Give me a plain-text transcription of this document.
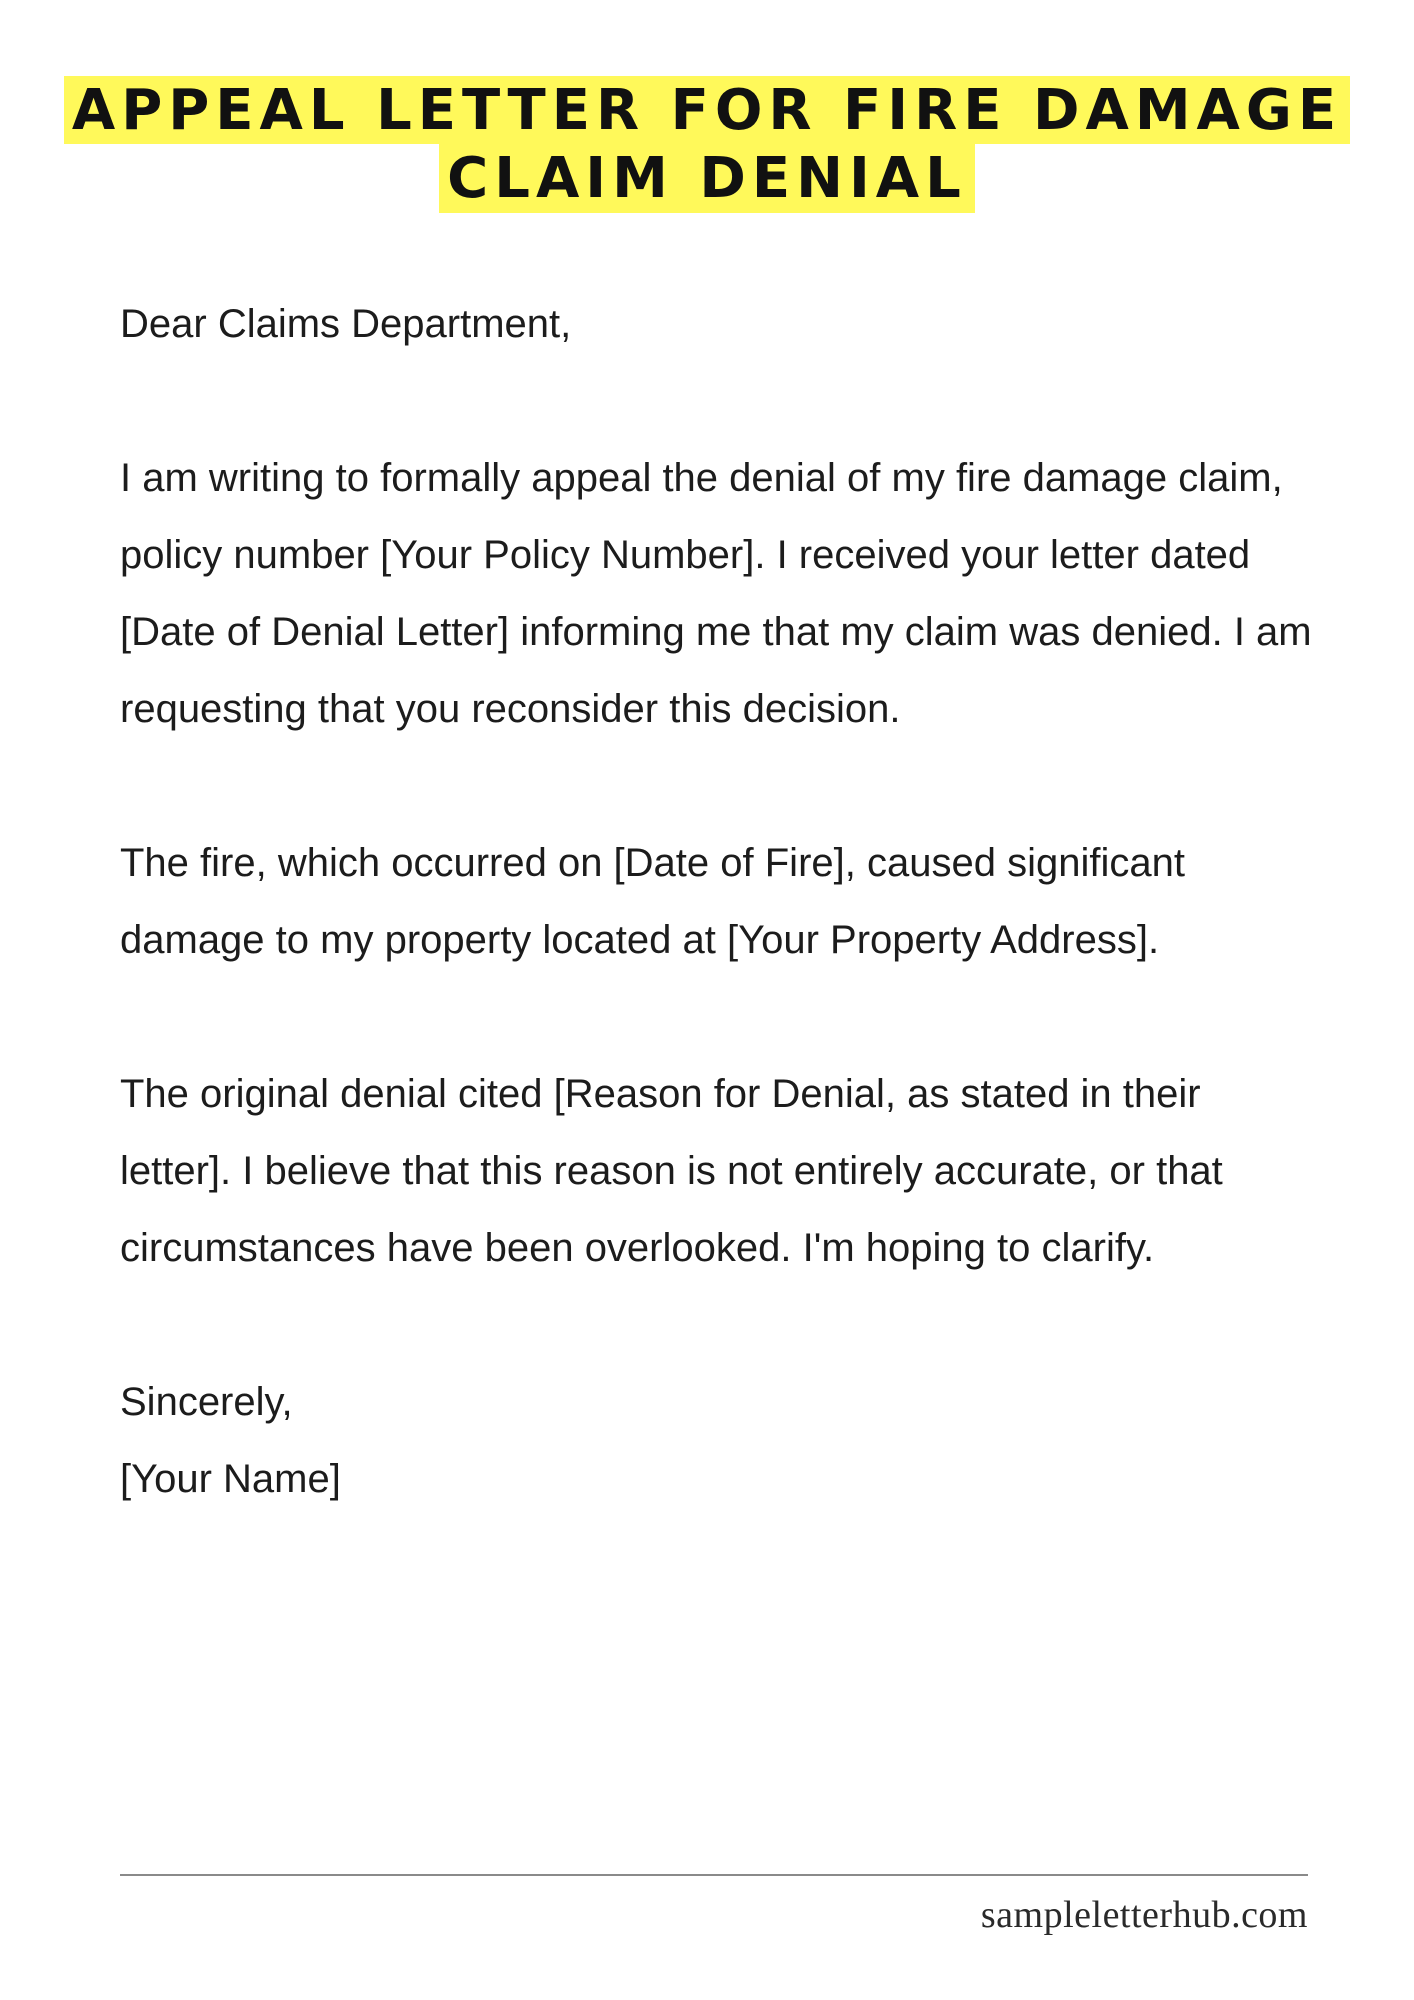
APPEAL LETTER FOR FIRE DAMAGE
CLAIM DENIAL

Dear Claims Department,

I am writing to formally appeal the denial of my fire damage claim, policy number [Your Policy Number]. I received your letter dated [Date of Denial Letter] informing me that my claim was denied. I am requesting that you reconsider this decision.

The fire, which occurred on [Date of Fire], caused significant damage to my property located at [Your Property Address].

The original denial cited [Reason for Denial, as stated in their letter]. I believe that this reason is not entirely accurate, or that circumstances have been overlooked. I'm hoping to clarify.

Sincerely,
[Your Name]

sampleletterhub.com
